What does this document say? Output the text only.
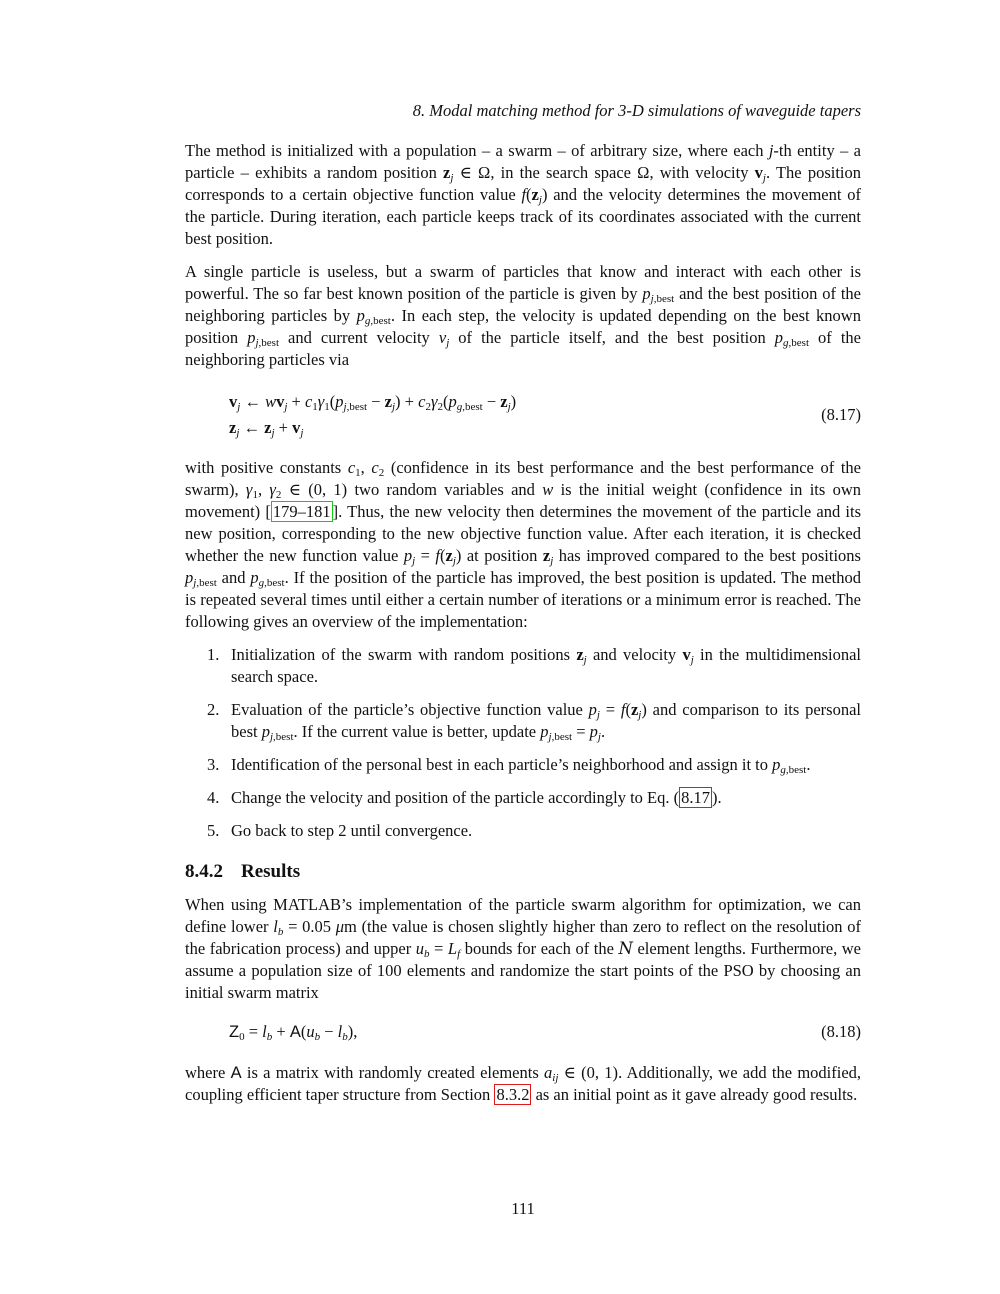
8. Modal matching method for 3-D simulations of waveguide tapers

The method is initialized with a population – a swarm – of arbitrary size, where each j-th entity – a particle – exhibits a random position $z_j$ ∈ Ω, in the search space Ω, with velocity $v_j$. The position corresponds to a certain objective function value $f(z_j)$ and the velocity determines the movement of the particle. During iteration, each particle keeps track of its coordinates associated with the current best position.

A single particle is useless, but a swarm of particles that know and interact with each other is powerful. The so far best known position of the particle is given by $p_{j,best}$ and the best position of the neighboring particles by $p_{g,best}$. In each step, the velocity is updated depending on the best known position $p_{j,best}$ and current velocity $v_j$ of the particle itself, and the best position $p_{g,best}$ of the neighboring particles via

$v_j$ ← $wv_j + c_1\gamma_1(p_{j,best} - z_j) + c_2\gamma_2(p_{g,best} - z_j)$
$z_j$ ← $z_j + v_j$
(8.17)

with positive constants $c_1$, $c_2$ (confidence in its best performance and the best performance of the swarm), $\gamma_1$, $\gamma_2$ ∈ (0, 1) two random variables and w is the initial weight (confidence in its own movement) [ 179–181 ]. Thus, the new velocity then determines the movement of the particle and its new position, corresponding to the new objective function value. After each iteration, it is checked whether the new function value $p_j = f(z_j)$ at position $z_j$ has improved compared to the best positions $p_{j,best}$ and $p_{g,best}$. If the position of the particle has improved, the best position is updated. The method is repeated several times until either a certain number of iterations or a minimum error is reached. The following gives an overview of the implementation:

1. Initialization of the swarm with random positions $z_j$ and velocity $v_j$ in the multidimensional search space.
2. Evaluation of the particle’s objective function value $p_j = f(z_j)$ and comparison to its personal best $p_{j,best}$. If the current value is better, update $p_{j,best} = p_j$.
3. Identification of the personal best in each particle’s neighborhood and assign it to $p_{g,best}$.
4. Change the velocity and position of the particle accordingly to Eq. ( 8.17 ).
5. Go back to step 2 until convergence.
8.4.2 Results

When using MATLAB’s implementation of the particle swarm algorithm for optimization, we can define lower $l_b = 0.05$ μm (the value is chosen slightly higher than zero to reflect on the resolution of the fabrication process) and upper $u_b = L_f$ bounds for each of the N element lengths. Furthermore, we assume a population size of 100 elements and randomize the start points of the PSO by choosing an initial swarm matrix

$Z_0 = l_b + A(u_b - l_b)$,	(8.18)

where A is a matrix with randomly created elements $a_{ij}$ ∈ (0, 1). Additionally, we add the modified, coupling efficient taper structure from Section 8.3.2 as an initial point as it gave already good results.

111
